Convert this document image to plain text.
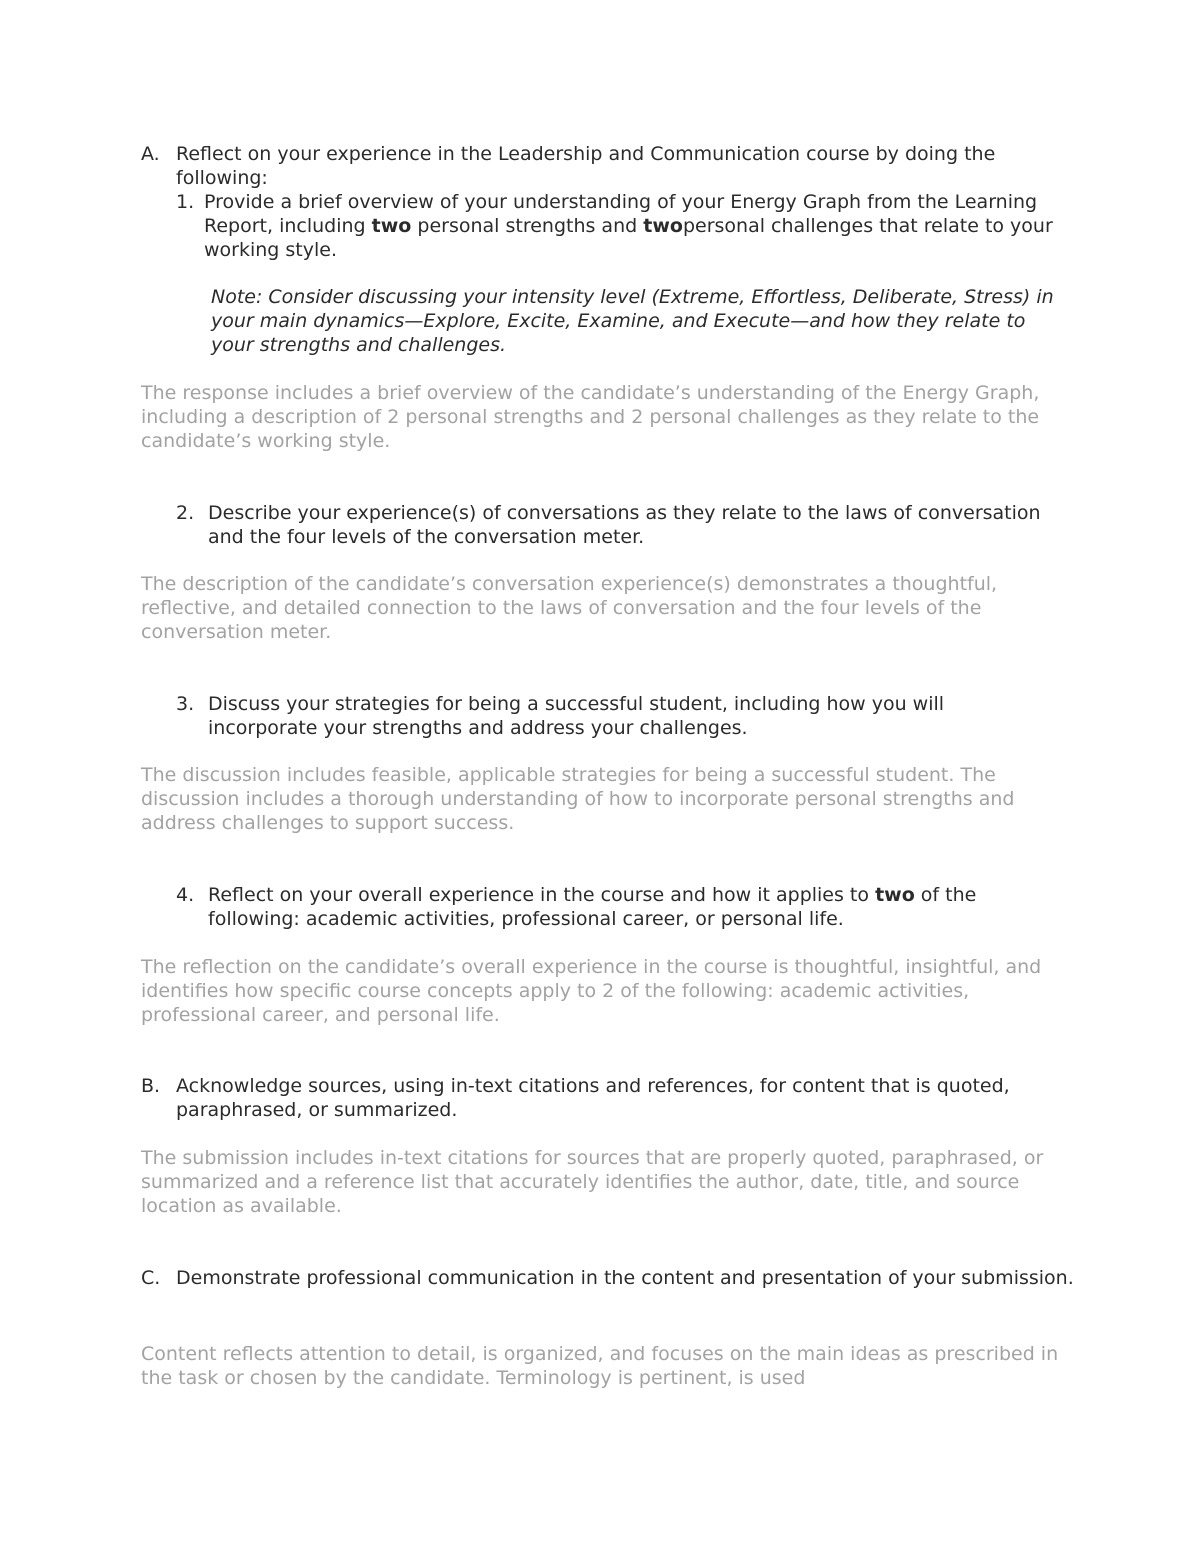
A. Reflect on your experience in the Leadership and Communication course by doing the following:
1. Provide a brief overview of your understanding of your Energy Graph from the Learning Report, including two personal strengths and twopersonal challenges that relate to your working style.
Note: Consider discussing your intensity level (Extreme, Effortless, Deliberate, Stress) in your main dynamics—Explore, Excite, Examine, and Execute—and how they relate to your strengths and challenges.
The response includes a brief overview of the candidate’s understanding of the Energy Graph, including a description of 2 personal strengths and 2 personal challenges as they relate to the candidate’s working style.
2. Describe your experience(s) of conversations as they relate to the laws of conversation and the four levels of the conversation meter.
The description of the candidate’s conversation experience(s) demonstrates a thoughtful, reflective, and detailed connection to the laws of conversation and the four levels of the conversation meter.
3. Discuss your strategies for being a successful student, including how you will incorporate your strengths and address your challenges.
The discussion includes feasible, applicable strategies for being a successful student. The discussion includes a thorough understanding of how to incorporate personal strengths and address challenges to support success.
4. Reflect on your overall experience in the course and how it applies to two of the following: academic activities, professional career, or personal life.
The reflection on the candidate’s overall experience in the course is thoughtful, insightful, and identifies how specific course concepts apply to 2 of the following: academic activities, professional career, and personal life.
B. Acknowledge sources, using in-text citations and references, for content that is quoted, paraphrased, or summarized.
The submission includes in-text citations for sources that are properly quoted, paraphrased, or summarized and a reference list that accurately identifies the author, date, title, and source location as available.
C. Demonstrate professional communication in the content and presentation of your submission.
Content reflects attention to detail, is organized, and focuses on the main ideas as prescribed in the task or chosen by the candidate. Terminology is pertinent, is used
